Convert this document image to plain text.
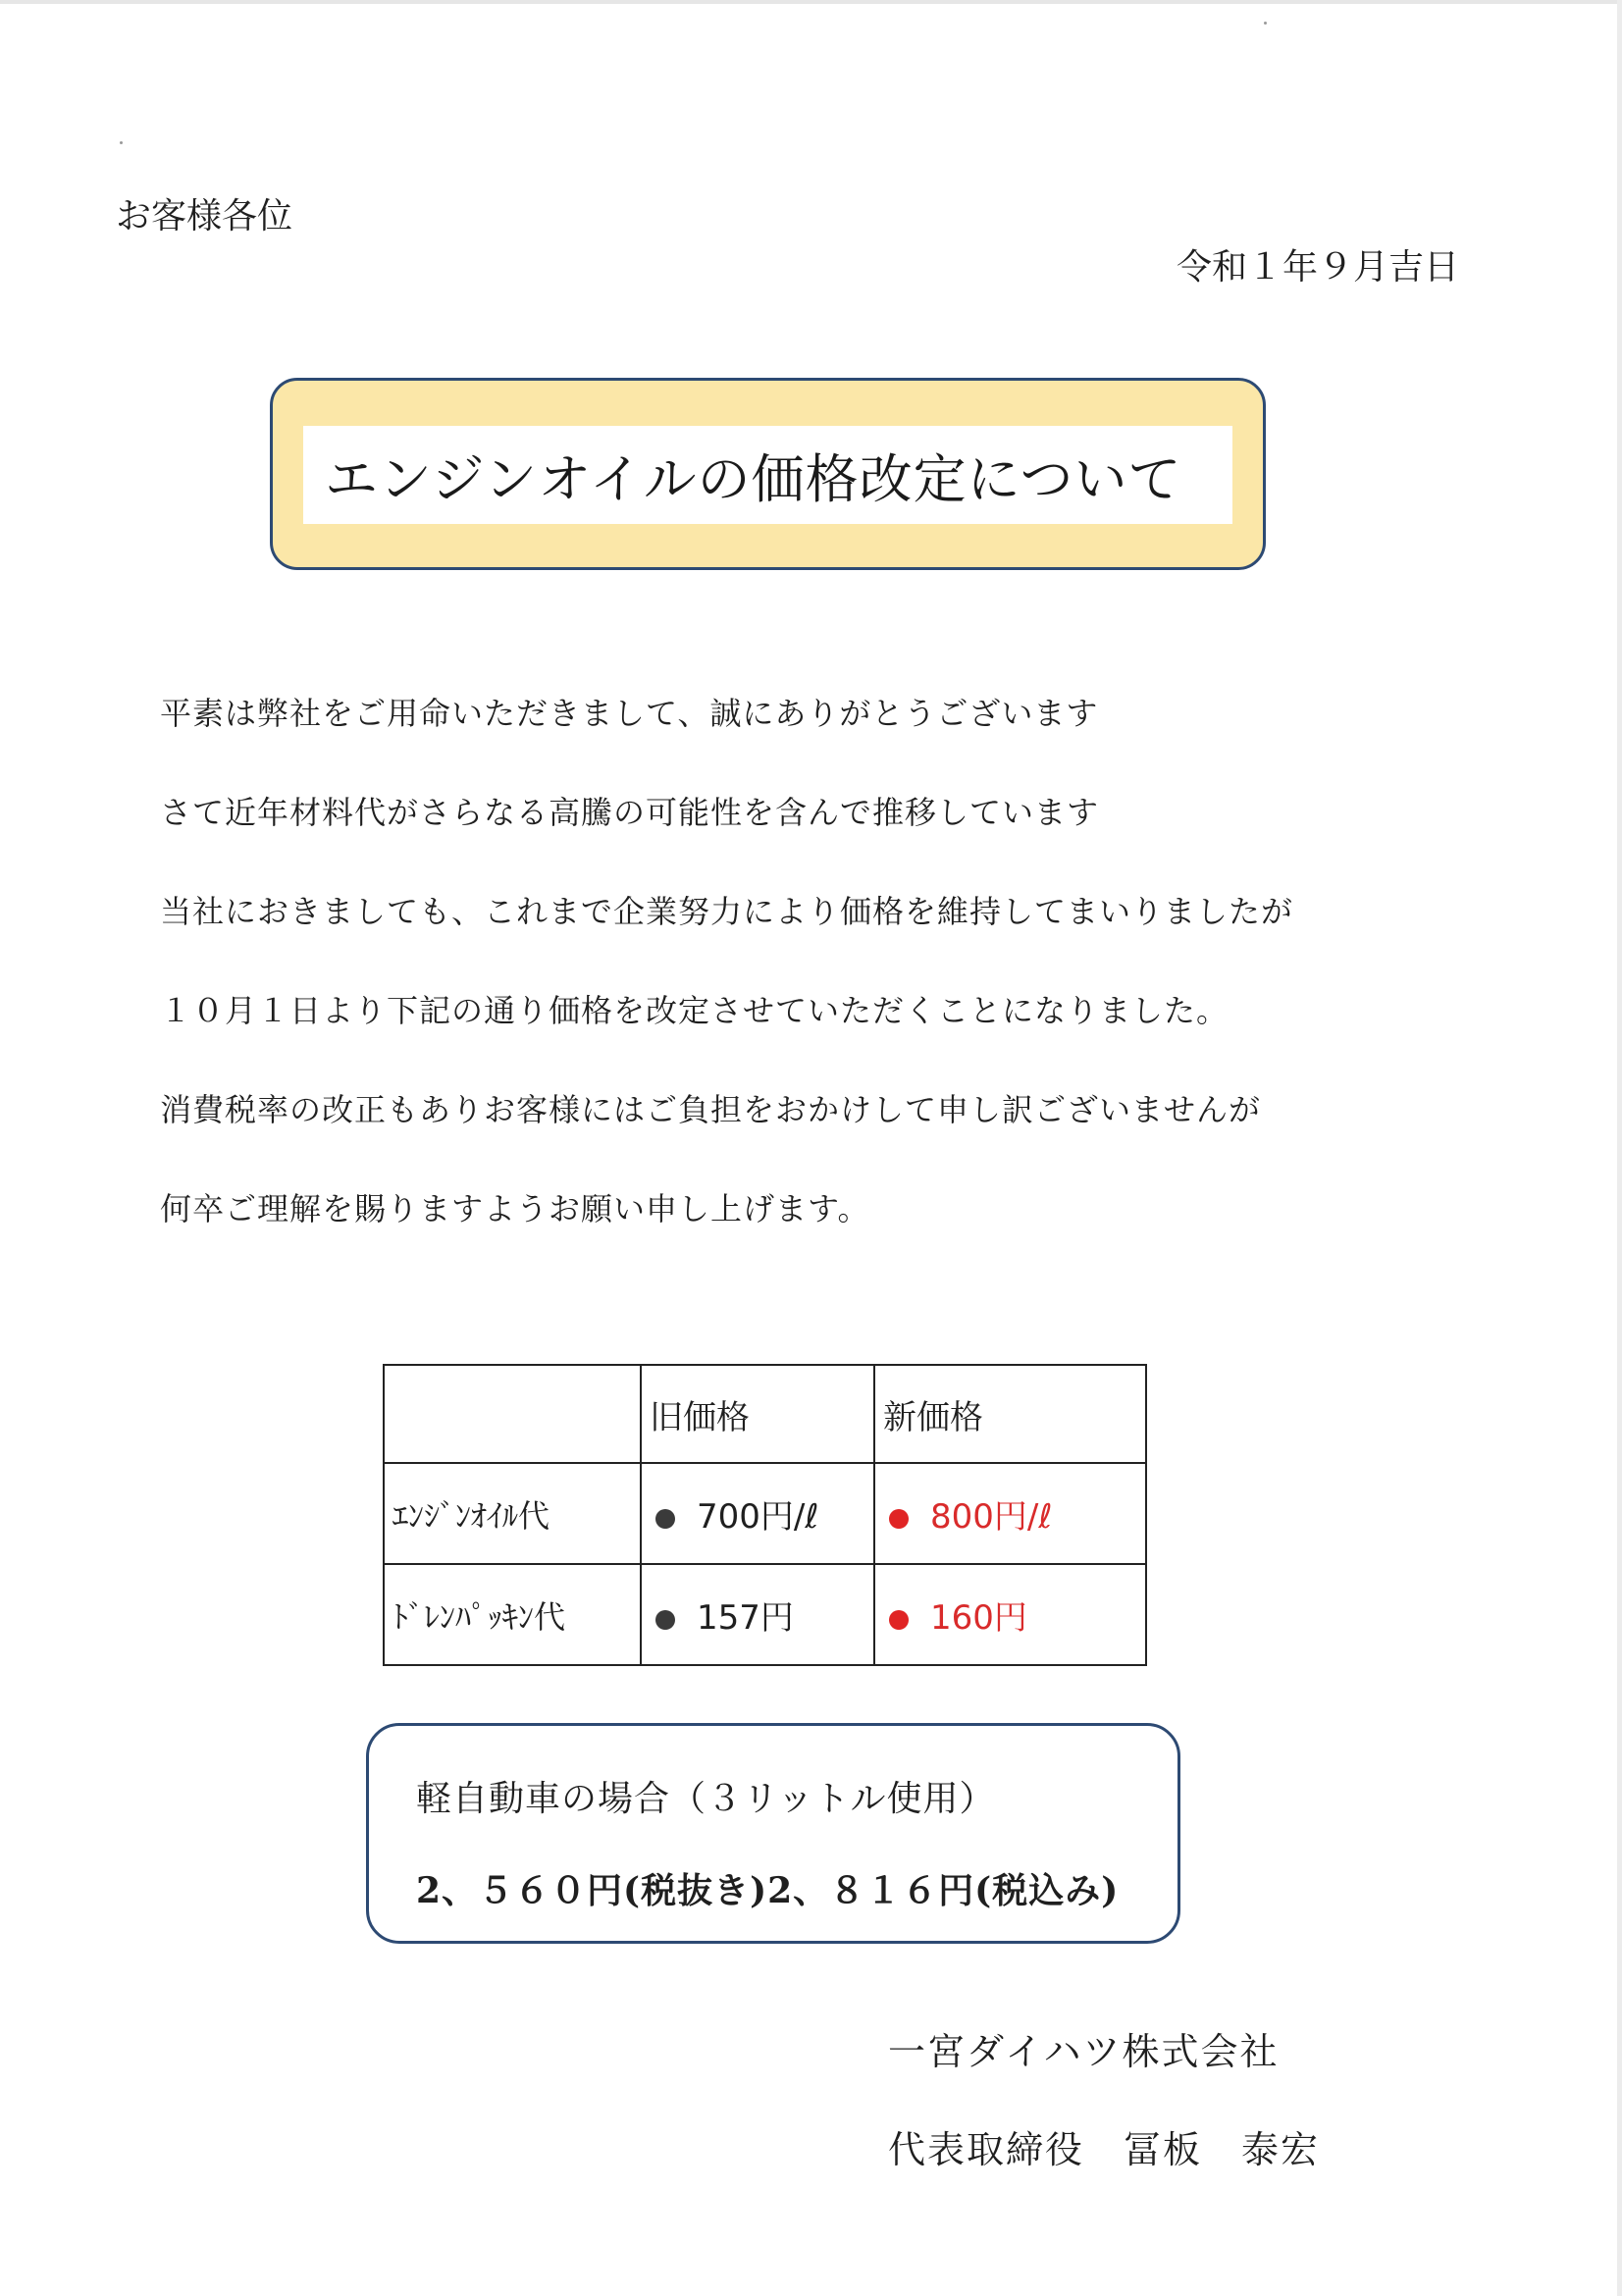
お客様各位
令和１年９月吉日
エンジンオイルの価格改定について
平素は弊社をご用命いただきまして、誠にありがとうございます
さて近年材料代がさらなる高騰の可能性を含んで推移しています
当社におきましても、これまで企業努力により価格を維持してまいりましたが
１０月１日より下記の通り価格を改定させていただくことになりました。
消費税率の改正もありお客様にはご負担をおかけして申し訳ございませんが
何卒ご理解を賜りますようお願い申し上げます。
	旧価格	新価格
ｴﾝｼﾞﾝｵｲﾙ代	700円/ℓ	800円/ℓ
ﾄﾞﾚﾝﾊﾟｯｷﾝ代	157円	160円
軽自動車の場合（３リットル使用）
2、５６０円(税抜き)2、８１６円(税込み)
一宮ダイハツ株式会社
代表取締役　冨板　泰宏
